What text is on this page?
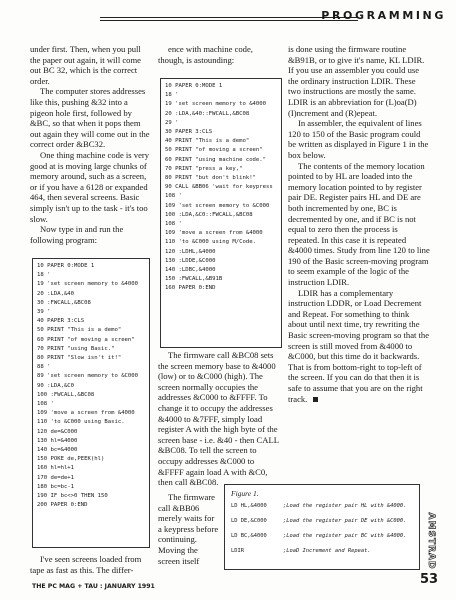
PROGRAMMING

under first. Then, when you pull the paper out again, it will come out BC 32, which is the correct order.

The computer stores addresses like this, pushing &32 into a pigeon hole first, followed by &BC, so that when it pops them out again they will come out in the correct order &BC32.

One thing machine code is very good at is moving large chunks of memory around, such as a screen, or if you have a 6128 or expanded 464, then several screens. Basic simply isn't up to the task - it's too slow.

Now type in and run the following program:

10 PAPER 0:MODE 1
18 '
19 'set screen memory to &4000
20 :LDA,&40
30 :FWCALL,&BC08
39 '
40 PAPER 3:CLS
50 PRINT "This is a demo"
60 PRINT "of moving a screen"
70 PRINT "using Basic."
80 PRINT "Slow isn't it!"
88 '
89 'set screen memory to &C000
90 :LDA,&C0
100 :FWCALL,&BC08
108 '
109 'move a screen from &4000
110 'to &C000 using Basic.
120 de=&C000
130 hl=&4000
140 bc=&4000
150 POKE de,PEEK(hl)
160 hl=hl+1
170 de=de+1
180 bc=bc-1
190 IF bc<>0 THEN 150
200 PAPER 0:END

I've seen screens loaded from tape as fast as this. The differ-

ence with machine code, though, is astounding:

10 PAPER 0:MODE 1
18 '
19 'set screen memory to &4000
20 :LDA,&40::FWCALL,&BC08
29 '
30 PAPER 3:CLS
40 PRINT "This is a demo"
50 PRINT "of moving a screen"
60 PRINT "using machine code."
70 PRINT "press a key,"
80 PRINT "but don't blink!"
90 CALL &BB06 'wait for keypress
108 '
109 'set screen memory to &C000
100 :LDA,&C0::FWCALL,&BC08
108 '
109 'move a screen from &4000
110 'to &C000 using M/Code.
120 :LDHL,&4000
130 :LDDE,&C000
140 :LDBC,&4000
150 :FWCALL,&B91B
160 PAPER 0:END

The firmware call &BC08 sets the screen memory base to &4000 (low) or to &C000 (high). The screen normally occupies the addresses &C000 to &FFFF. To change it to occupy the addresses &4000 to &7FFF, simply load register A with the high byte of the screen base - i.e. &40 - then CALL &BC08. To tell the screen to occupy addresses &C000 to &FFFF again load A with &C0, then call &BC08.

The firmware call &BB06 merely waits for a keypress before continuing. Moving the screen itself

is done using the firmware routine &B91B, or to give it's name, KL LDIR. If you use an assembler you could use the ordinary instruction LDIR. These two instructions are mostly the same. LDIR is an abbreviation for (L)oa(D) (I)ncrement and (R)epeat.

In assembler, the equivalent of lines 120 to 150 of the Basic program could be written as displayed in Figure 1 in the box below.

The contents of the memory location pointed to by HL are loaded into the memory location pointed to by register pair DE. Register pairs HL and DE are both incremented by one, BC is decremented by one, and if BC is not equal to zero then the process is repeated. In this case it is repeated &4000 times. Study from line 120 to line 190 of the Basic screen-moving program to seem example of the logic of the instruction LDIR.

LDIR has a complementary instruction LDDR, or Load Decrement and Repeat. For something to think about until next time, try rewriting the Basic screen-moving program so that the screen is still moved from &4000 to &C000, but this time do it backwards. That is from bottom-right to top-left of the screen. If you can do that then it is safe to assume that you are on the right track.

Figure 1.
LD HL,&4000	;Load the register pair HL with &4000.
LD DE,&C000	;Load the register pair DE with &C000.
LD BC,&4000	;Load the register pair BC with &4000.
LDIR	;LoaD Increment and Repeat.	AMSTRAD
THE PC MAG + TAU : JANUARY 1991	53
